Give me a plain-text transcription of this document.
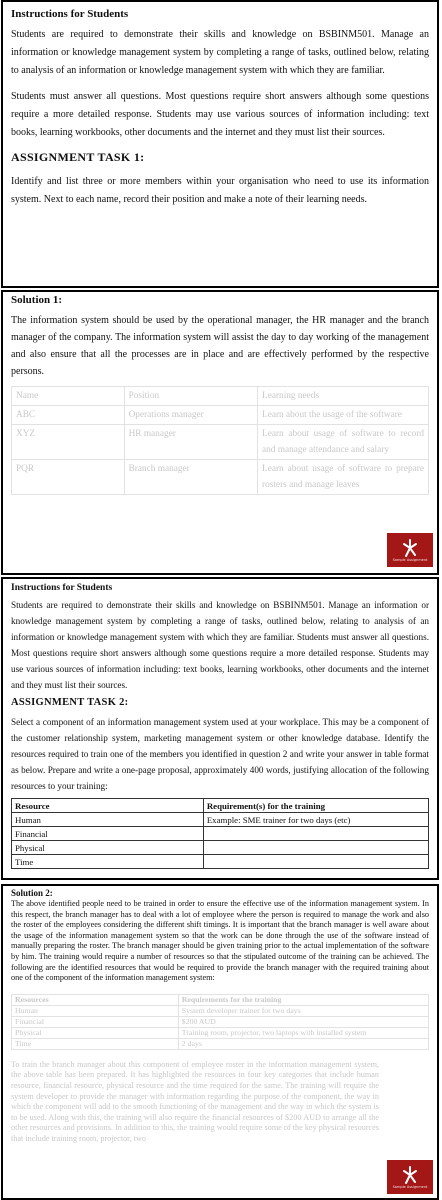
Instructions for Students

Students are required to demonstrate their skills and knowledge on BSBINM501. Manage an information or knowledge management system by completing a range of tasks, outlined below, relating to analysis of an information or knowledge management system with which they are familiar.

Students must answer all questions. Most questions require short answers although some questions require a more detailed response. Students may use various sources of information including: text books, learning workbooks, other documents and the internet and they must list their sources.

ASSIGNMENT TASK 1:

Identify and list three or more members within your organisation who need to use its information system. Next to each name, record their position and make a note of their learning needs.

Solution 1:

The information system should be used by the operational manager, the HR manager and the branch manager of the company. The information system will assist the day to day working of the management and also ensure that all the processes are in place and are effectively performed by the respective persons.

Name	Position	Learning needs
ABC	Operations manager	Learn about the usage of the software
XYZ	HR manager	Learn about usage of software to record and manage attendance and salary
PQR	Branch manager	Learn about usage of software to prepare rosters and manage leaves
Sample Assignment
Instructions for Students

Students are required to demonstrate their skills and knowledge on BSBINM501. Manage an information or knowledge management system by completing a range of tasks, outlined below, relating to analysis of an information or knowledge management system with which they are familiar. Students must answer all questions. Most questions require short answers although some questions require a more detailed response. Students may use various sources of information including: text books, learning workbooks, other documents and the internet and they must list their sources.

ASSIGNMENT TASK 2:

Select a component of an information management system used at your workplace. This may be a component of the customer relationship system, marketing management system or other knowledge database. Identify the resources required to train one of the members you identified in question 2 and write your answer in table format as below. Prepare and write a one-page proposal, approximately 400 words, justifying allocation of the following resources to your training:

Resource	Requirement(s) for the training
Human	Example: SME trainer for two days (etc)
Financial	
Physical	
Time	
Solution 2:

The above identified people need to be trained in order to ensure the effective use of the information management system. In this respect, the branch manager has to deal with a lot of employee where the person is required to manage the work and also the roster of the employees considering the different shift timings. It is important that the branch manager is well aware about the usage of the information management system so that the work can be done through the use of the software instead of manually preparing the roster. The branch manager should be given training prior to the actual implementation of the software by him. The training would require a number of resources so that the stipulated outcome of the training can be achieved. The following are the identified resources that would be required to provide the branch manager with the required training about one of the component of the information management system:

Resources	Requirements for the training
Human	System developer trainer for two days
Financial	$200 AUD
Physical	Training room, projector, two laptops with installed system
Time	2 days

To train the branch manager about this component of employee roster in the information management system, the above table has been prepared. It has highlighted the resources in four key categories that include human resource, financial resource, physical resource and the time required for the same. The training will require the system developer to provide the manager with information regarding the purpose of the component, the way in which the component will add to the smooth functioning of the management and the way in which the system is to be used. Along with this, the training will also require the financial resources of $200 AUD to arrange all the other resources and provisions. In addition to this, the training would require some of the key physical resources that include training room, projector, two

Sample Assignment
